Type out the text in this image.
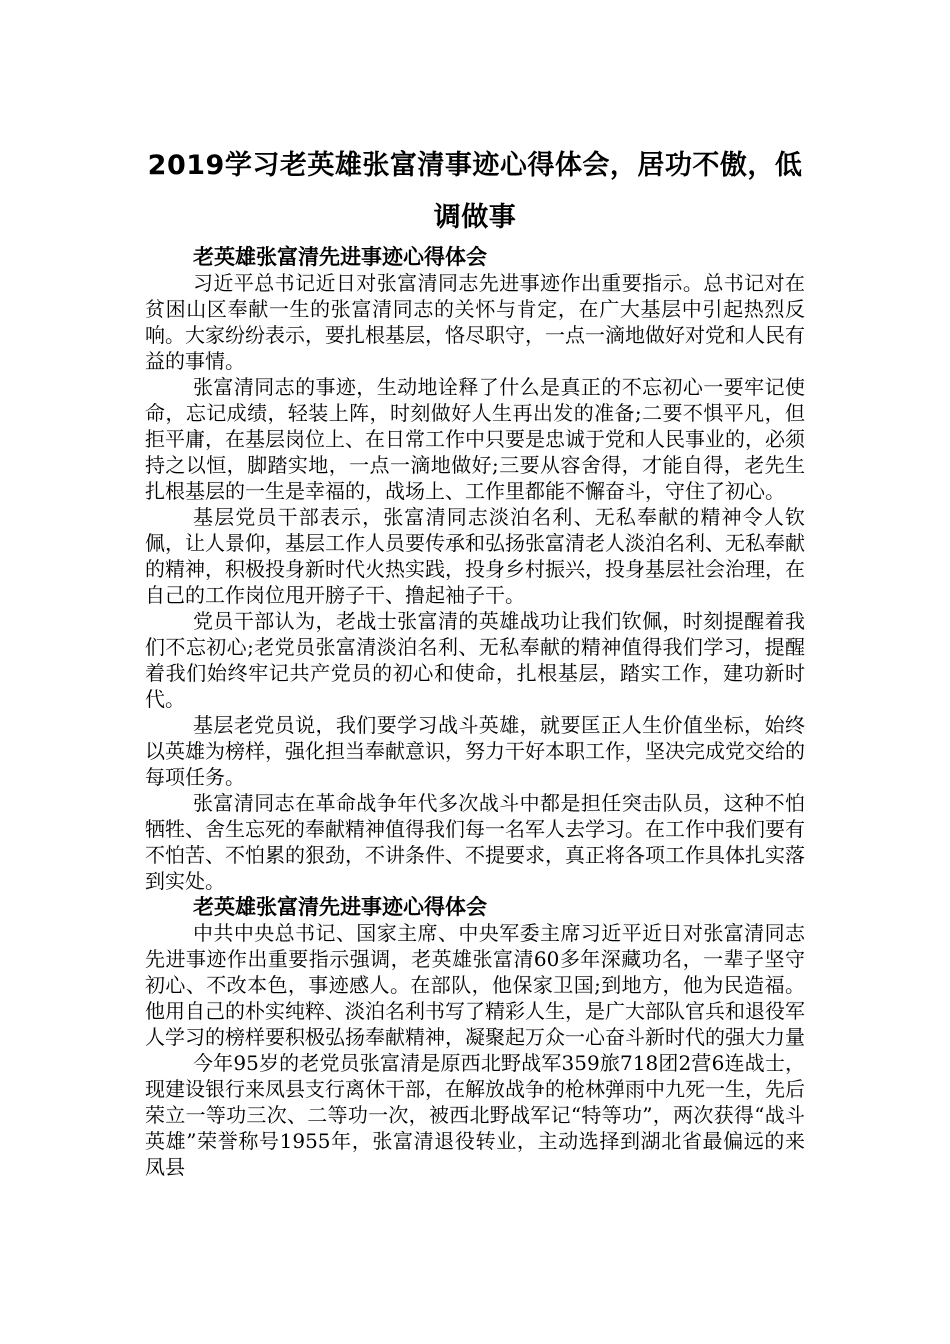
2019学习老英雄张富清事迹心得体会，居功不傲，低调做事
老英雄张富清先进事迹心得体会

习近平总书记近日对张富清同志先进事迹作出重要指示。总书记对在贫困山区奉献一生的张富清同志的关怀与肯定，在广大基层中引起热烈反响。大家纷纷表示，要扎根基层，恪尽职守，一点一滴地做好对党和人民有益的事情。

张富清同志的事迹，生动地诠释了什么是真正的不忘初心一要牢记使命，忘记成绩，轻装上阵，时刻做好人生再出发的准备;二要不惧平凡，但拒平庸，在基层岗位上、在日常工作中只要是忠诚于党和人民事业的，必须持之以恒，脚踏实地，一点一滴地做好;三要从容舍得，才能自得，老先生扎根基层的一生是幸福的，战场上、工作里都能不懈奋斗，守住了初心。

基层党员干部表示，张富清同志淡泊名利、无私奉献的精神令人钦佩，让人景仰，基层工作人员要传承和弘扬张富清老人淡泊名利、无私奉献的精神，积极投身新时代火热实践，投身乡村振兴，投身基层社会治理，在自己的工作岗位甩开膀子干、撸起袖子干。

党员干部认为，老战士张富清的英雄战功让我们钦佩，时刻提醒着我们不忘初心;老党员张富清淡泊名利、无私奉献的精神值得我们学习，提醒着我们始终牢记共产党员的初心和使命，扎根基层，踏实工作，建功新时代。

基层老党员说，我们要学习战斗英雄，就要匡正人生价值坐标，始终以英雄为榜样，强化担当奉献意识，努力干好本职工作，坚决完成党交给的每项任务。

张富清同志在革命战争年代多次战斗中都是担任突击队员，这种不怕牺牲、舍生忘死的奉献精神值得我们每一名军人去学习。在工作中我们要有不怕苦、不怕累的狠劲，不讲条件、不提要求，真正将各项工作具体扎实落到实处。

老英雄张富清先进事迹心得体会

中共中央总书记、国家主席、中央军委主席习近平近日对张富清同志先进事迹作出重要指示强调，老英雄张富清60多年深藏功名，一辈子坚守初心、不改本色，事迹感人。在部队，他保家卫国;到地方，他为民造福。他用自己的朴实纯粹、淡泊名利书写了精彩人生，是广大部队官兵和退役军人学习的榜样要积极弘扬奉献精神，凝聚起万众一心奋斗新时代的强大力量

今年95岁的老党员张富清是原西北野战军359旅718团2营6连战士，现建设银行来凤县支行离休干部，在解放战争的枪林弹雨中九死一生，先后荣立一等功三次、二等功一次，被西北野战军记“特等功”，两次获得“战斗英雄”荣誉称号1955年，张富清退役转业，主动选择到湖北省最偏远的来凤县
